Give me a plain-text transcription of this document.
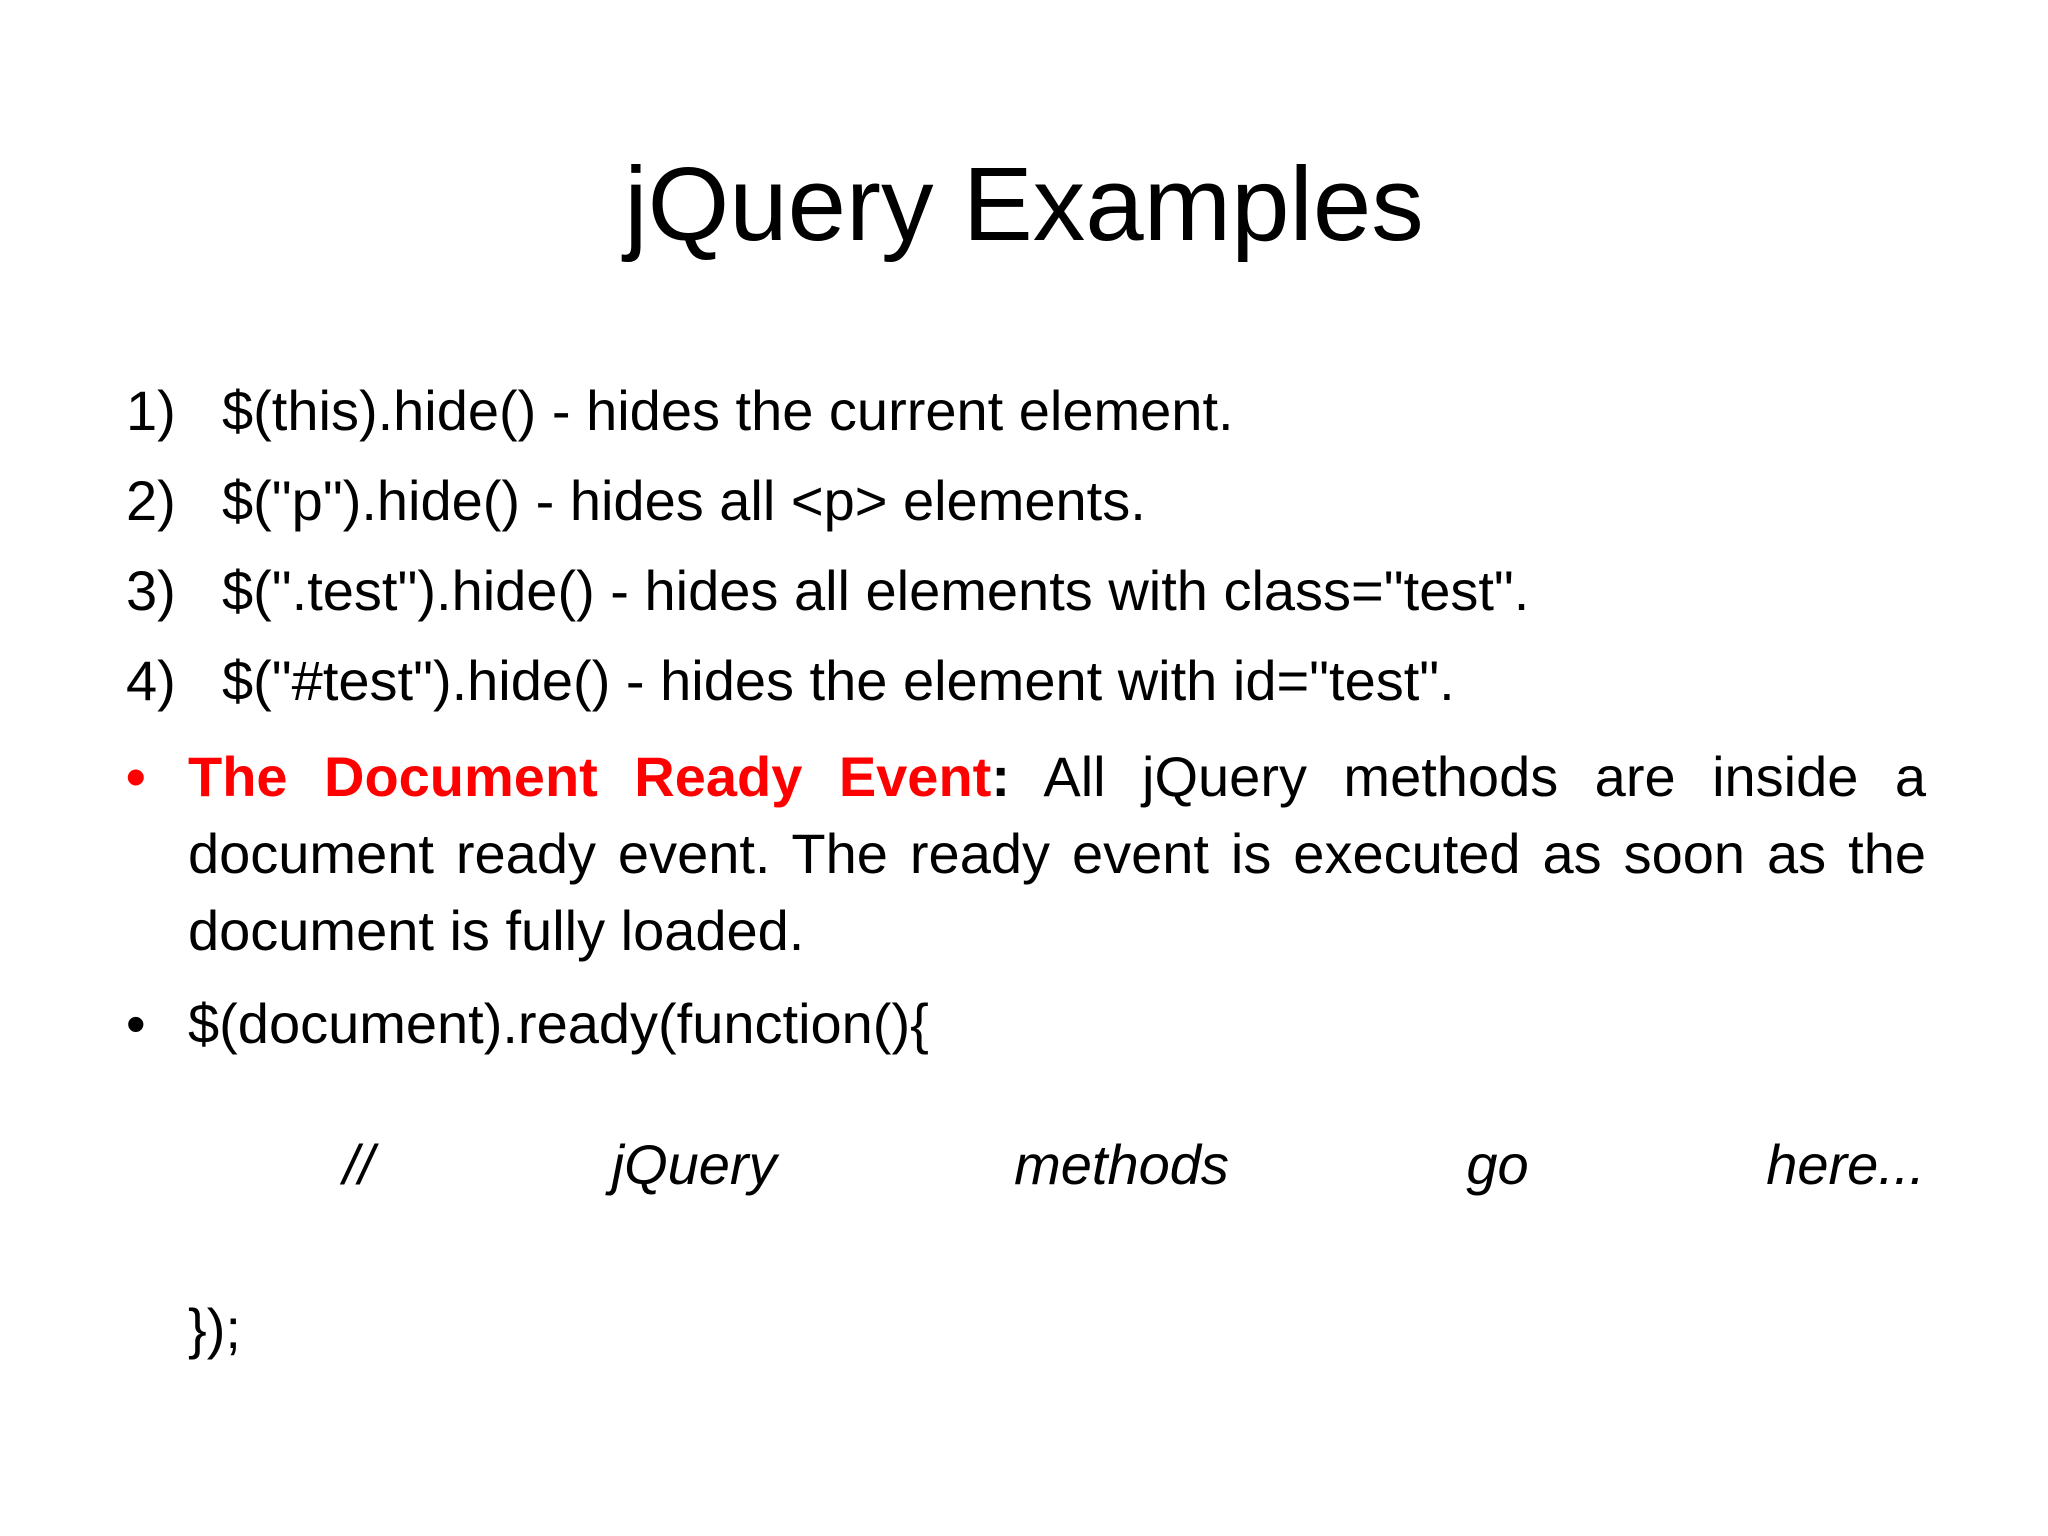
jQuery Examples
1) $(this).hide() - hides the current element.
2) $("p").hide() - hides all <p> elements.
3) $(".test").hide() - hides all elements with class="test".
4) $("#test").hide() - hides the element with id="test".
• The Document Ready Event: All jQuery methods are inside a document ready event. The ready event is executed as soon as the document is fully loaded.
• $(document).ready(function(){
//	jQuery	methods	go	here...
});
